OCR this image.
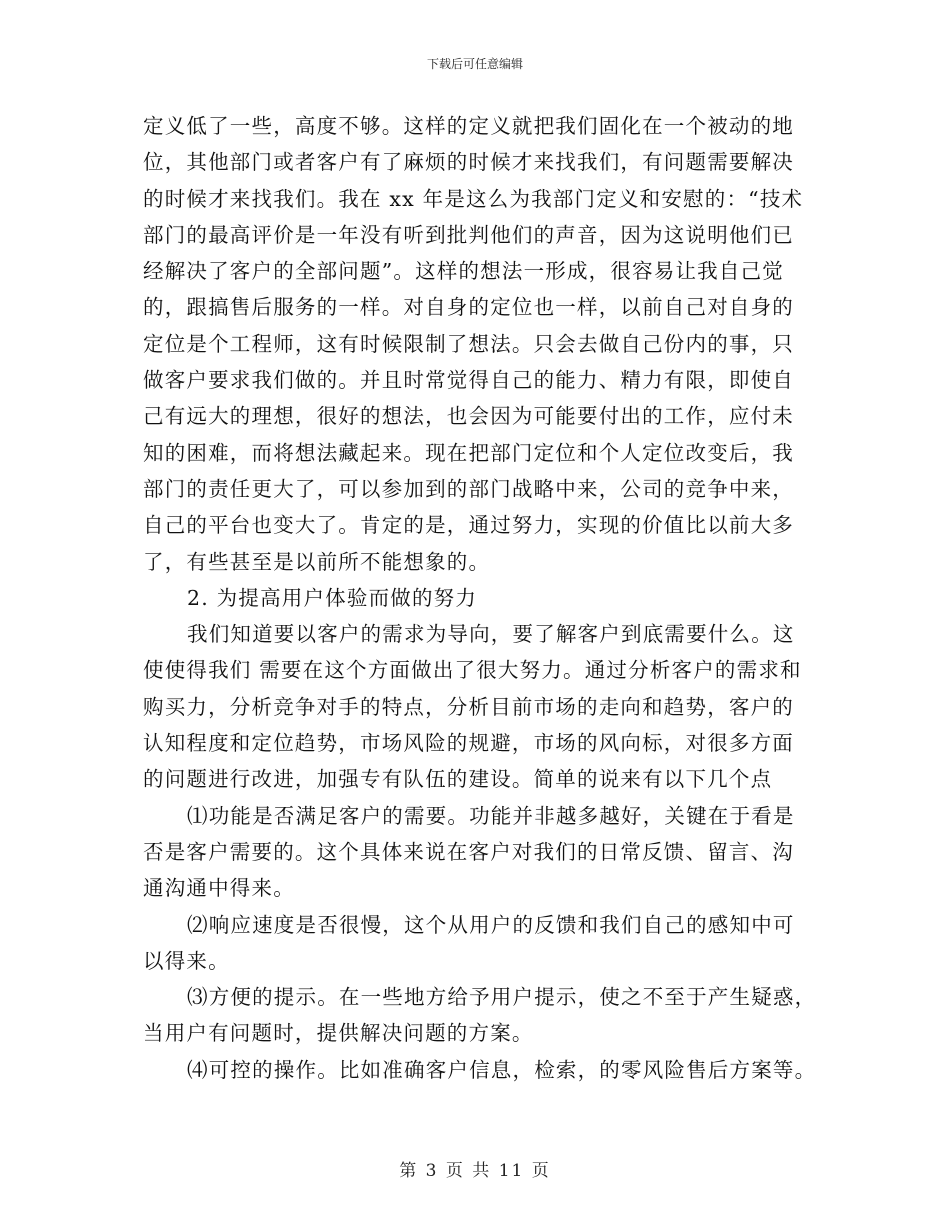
下载后可任意编辑
定义低了一些，高度不够。这样的定义就把我们固化在一个被动的地
位，其他部门或者客户有了麻烦的时候才来找我们，有问题需要解决
的时候才来找我们。我在 xx 年是这么为我部门定义和安慰的：“技术
部门的最高评价是一年没有听到批判他们的声音，因为这说明他们已
经解决了客户的全部问题”。这样的想法一形成，很容易让我自己觉
的，跟搞售后服务的一样。对自身的定位也一样，以前自己对自身的
定位是个工程师，这有时候限制了想法。只会去做自己份内的事，只
做客户要求我们做的。并且时常觉得自己的能力、精力有限，即使自
己有远大的理想，很好的想法，也会因为可能要付出的工作，应付未
知的困难，而将想法藏起来。现在把部门定位和个人定位改变后，我
部门的责任更大了，可以参加到的部门战略中来，公司的竞争中来，
自己的平台也变大了。肯定的是，通过努力，实现的价值比以前大多
了，有些甚至是以前所不能想象的。
2. 为提高用户体验而做的努力
我们知道要以客户的需求为导向，要了解客户到底需要什么。这
使使得我们 需要在这个方面做出了很大努力。通过分析客户的需求和
购买力，分析竞争对手的特点，分析目前市场的走向和趋势，客户的
认知程度和定位趋势，市场风险的规避，市场的风向标，对很多方面
的问题进行改进，加强专有队伍的建设。简单的说来有以下几个点
⑴功能是否满足客户的需要。功能并非越多越好，关键在于看是
否是客户需要的。这个具体来说在客户对我们的日常反馈、留言、沟
通沟通中得来。
⑵响应速度是否很慢，这个从用户的反馈和我们自己的感知中可
以得来。
⑶方便的提示。在一些地方给予用户提示，使之不至于产生疑惑，
当用户有问题时，提供解决问题的方案。
⑷可控的操作。比如准确客户信息，检索，的零风险售后方案等。
第 3 页 共 11 页
